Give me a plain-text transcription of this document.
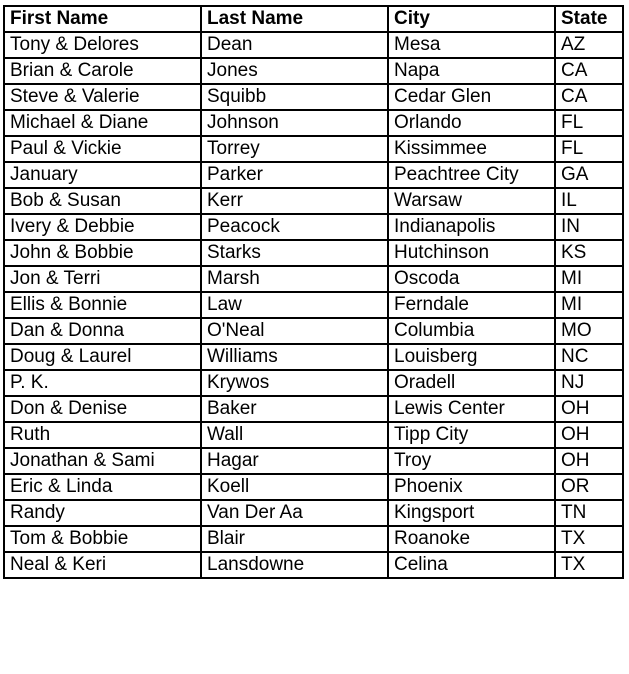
First Name	Last Name	City	State
Tony & Delores	Dean	Mesa	AZ
Brian & Carole	Jones	Napa	CA
Steve & Valerie	Squibb	Cedar Glen	CA
Michael & Diane	Johnson	Orlando	FL
Paul & Vickie	Torrey	Kissimmee	FL
January	Parker	Peachtree City	GA
Bob & Susan	Kerr	Warsaw	IL
Ivery & Debbie	Peacock	Indianapolis	IN
John & Bobbie	Starks	Hutchinson	KS
Jon & Terri	Marsh	Oscoda	MI
Ellis & Bonnie	Law	Ferndale	MI
Dan & Donna	O'Neal	Columbia	MO
Doug & Laurel	Williams	Louisberg	NC
P. K.	Krywos	Oradell	NJ
Don & Denise	Baker	Lewis Center	OH
Ruth	Wall	Tipp City	OH
Jonathan & Sami	Hagar	Troy	OH
Eric & Linda	Koell	Phoenix	OR
Randy	Van Der Aa	Kingsport	TN
Tom & Bobbie	Blair	Roanoke	TX
Neal & Keri	Lansdowne	Celina	TX
